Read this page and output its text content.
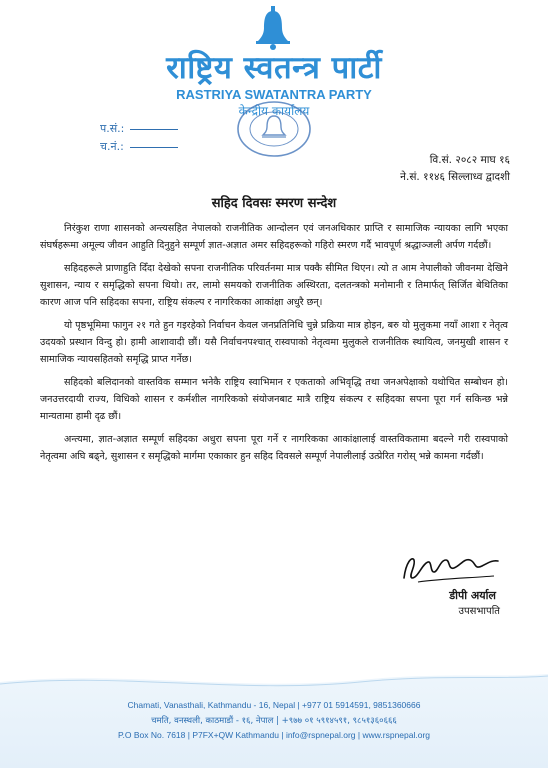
राष्ट्रिय स्वतन्त्र पार्टी
RASTRIYA SWATANTRA PARTY
केन्द्रीय कार्यालय
प.सं.:
च.नं.:
वि.सं. २०८२ माघ १६
ने.सं. ११४६ सिल्लाध्व द्वादशी
सहिद दिवसः स्मरण सन्देश

निरंकुश राणा शासनको अन्त्यसहित नेपालको राजनीतिक आन्दोलन एवं जनअधिकार प्राप्ति र सामाजिक न्यायका लागि भएका संघर्षहरूमा अमूल्य जीवन आहुति दिनुहुने सम्पूर्ण ज्ञात-अज्ञात अमर सहिदहरूको गहिरो स्मरण गर्दै भावपूर्ण श्रद्धाञ्जली अर्पण गर्दछौं।

सहिदहरूले प्राणाहुति दिँदा देखेको सपना राजनीतिक परिवर्तनमा मात्र पक्कै सीमित थिएन। त्यो त आम नेपालीको जीवनमा देखिने सुशासन, न्याय र समृद्धिको सपना थियो। तर, लामो समयको राजनीतिक अस्थिरता, दलतन्त्रको मनोमानी र तिमार्फत् सिर्जित बेथितिका कारण आज पनि सहिदका सपना, राष्ट्रिय संकल्प र नागरिकका आकांक्षा अधुरै छन्।

यो पृष्ठभूमिमा फागुन २१ गते हुन गइरहेको निर्वाचन केवल जनप्रतिनिधि चुन्ने प्रक्रिया मात्र होइन, बरु यो मुलुकमा नयाँ आशा र नेतृत्व उदयको प्रस्थान विन्दु हो। हामी आशावादी छौं। यसै निर्वाचनपश्चात् रास्वपाको नेतृत्वमा मुलुकले राजनीतिक स्थायित्व, जनमुखी शासन र सामाजिक न्यायसहितको समृद्धि प्राप्त गर्नेछ।

सहिदको बलिदानको वास्तविक सम्मान भनेकै राष्ट्रिय स्वाभिमान र एकताको अभिवृद्धि तथा जनअपेक्षाको यथोचित सम्बोधन हो। जनउत्तरदायी राज्य, विधिको शासन र कर्मशील नागरिकको संयोजनबाट मात्रै राष्ट्रिय संकल्प र सहिदका सपना पूरा गर्न सकिन्छ भन्ने मान्यतामा हामी दृढ छौं।

अन्त्यमा, ज्ञात-अज्ञात सम्पूर्ण सहिदका अधुरा सपना पूरा गर्ने र नागरिकका आकांक्षालाई वास्तविकतामा बदल्ने गरी रास्वपाको नेतृत्वमा अघि बढ्ने, सुशासन र समृद्धिको मार्गमा एकाकार हुन सहिद दिवसले सम्पूर्ण नेपालीलाई उत्प्रेरित गरोस् भन्ने कामना गर्दछौं।

डीपी अर्याल
उपसभापति
Chamati, Vanasthali, Kathmandu - 16, Nepal | +977 01 5914591, 9851360666
चमति, वनस्थली, काठमाडौं - १६, नेपाल | +९७७ ०१ ५९१४५९१, ९८५१३६०६६६
P.O Box No. 7618 | P7FX+QW Kathmandu | info@rspnepal.org | www.rspnepal.org
